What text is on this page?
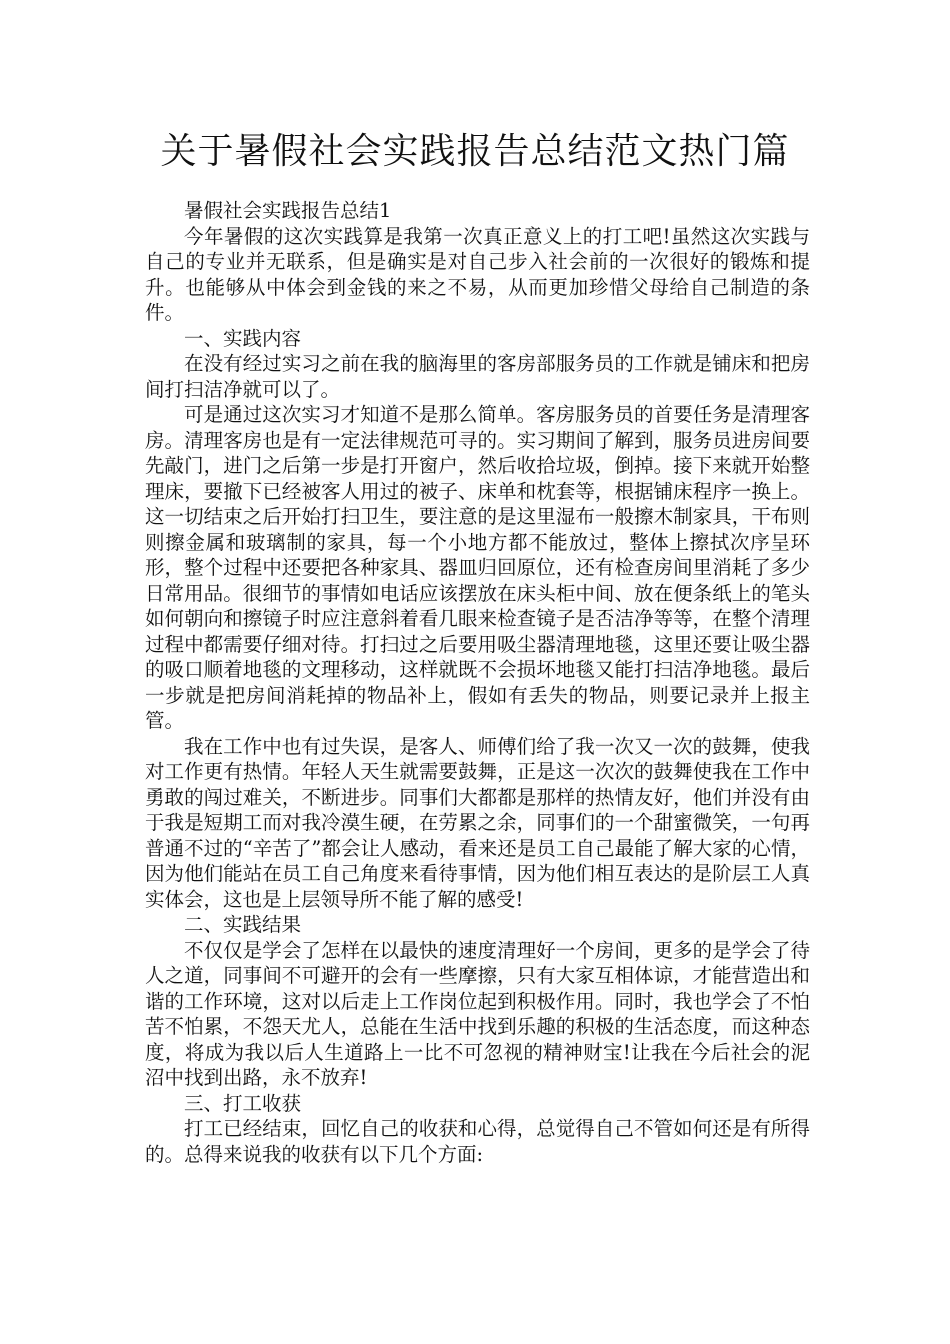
关于暑假社会实践报告总结范文热门篇

暑假社会实践报告总结1

今年暑假的这次实践算是我第一次真正意义上的打工吧!虽然这次实践与自己的专业并无联系，但是确实是对自己步入社会前的一次很好的锻炼和提升。也能够从中体会到金钱的来之不易，从而更加珍惜父母给自己制造的条件。

一、实践内容

在没有经过实习之前在我的脑海里的客房部服务员的工作就是铺床和把房间打扫洁净就可以了。

可是通过这次实习才知道不是那么简单。客房服务员的首要任务是清理客房。清理客房也是有一定法律规范可寻的。实习期间了解到，服务员进房间要先敲门，进门之后第一步是打开窗户，然后收拾垃圾，倒掉。接下来就开始整理床，要撤下已经被客人用过的被子、床单和枕套等，根据铺床程序一换上。这一切结束之后开始打扫卫生，要注意的是这里湿布一般擦木制家具，干布则则擦金属和玻璃制的家具，每一个小地方都不能放过，整体上擦拭次序呈环形，整个过程中还要把各种家具、器皿归回原位，还有检查房间里消耗了多少日常用品。很细节的事情如电话应该摆放在床头柜中间、放在便条纸上的笔头如何朝向和擦镜子时应注意斜着看几眼来检查镜子是否洁净等等，在整个清理过程中都需要仔细对待。打扫过之后要用吸尘器清理地毯，这里还要让吸尘器的吸口顺着地毯的文理移动，这样就既不会损坏地毯又能打扫洁净地毯。最后一步就是把房间消耗掉的物品补上，假如有丢失的物品，则要记录并上报主管。

我在工作中也有过失误，是客人、师傅们给了我一次又一次的鼓舞，使我对工作更有热情。年轻人天生就需要鼓舞，正是这一次次的鼓舞使我在工作中勇敢的闯过难关，不断进步。同事们大都都是那样的热情友好，他们并没有由于我是短期工而对我冷漠生硬，在劳累之余，同事们的一个甜蜜微笑，一句再普通不过的“辛苦了”都会让人感动，看来还是员工自己最能了解大家的心情，因为他们能站在员工自己角度来看待事情，因为他们相互表达的是阶层工人真实体会，这也是上层领导所不能了解的感受!

二、实践结果

不仅仅是学会了怎样在以最快的速度清理好一个房间，更多的是学会了待人之道，同事间不可避开的会有一些摩擦，只有大家互相体谅，才能营造出和谐的工作环境，这对以后走上工作岗位起到积极作用。同时，我也学会了不怕苦不怕累，不怨天尤人，总能在生活中找到乐趣的积极的生活态度，而这种态度，将成为我以后人生道路上一比不可忽视的精神财宝!让我在今后社会的泥沼中找到出路，永不放弃!

三、打工收获

打工已经结束，回忆自己的收获和心得，总觉得自己不管如何还是有所得的。总得来说我的收获有以下几个方面:
